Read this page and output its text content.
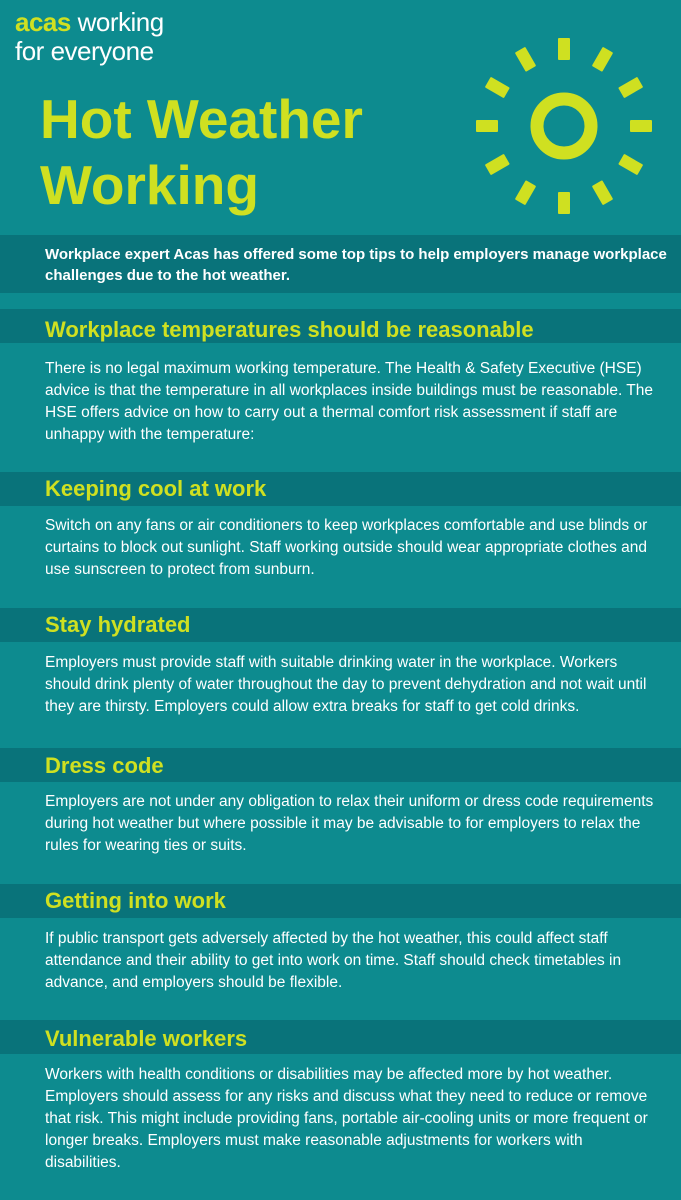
acas working
for everyone
Hot Weather
Working

Workplace expert Acas has offered some top tips to help employers manage workplace challenges due to the hot weather.

Workplace temperatures should be reasonable

There is no legal maximum working temperature. The Health & Safety Executive (HSE) advice is that the temperature in all workplaces inside buildings must be reasonable. The HSE offers advice on how to carry out a thermal comfort risk assessment if staff are unhappy with the temperature:

Keeping cool at work

Switch on any fans or air conditioners to keep workplaces comfortable and use blinds or curtains to block out sunlight. Staff working outside should wear appropriate clothes and use sunscreen to protect from sunburn.

Stay hydrated

Employers must provide staff with suitable drinking water in the workplace. Workers should drink plenty of water throughout the day to prevent dehydration and not wait until they are thirsty. Employers could allow extra breaks for staff to get cold drinks.

Dress code

Employers are not under any obligation to relax their uniform or dress code requirements during hot weather but where possible it may be advisable to for employers to relax the rules for wearing ties or suits.

Getting into work

If public transport gets adversely affected by the hot weather, this could affect staff attendance and their ability to get into work on time. Staff should check timetables in advance, and employers should be flexible.

Vulnerable workers

Workers with health conditions or disabilities may be affected more by hot weather. Employers should assess for any risks and discuss what they need to reduce or remove that risk. This might include providing fans, portable air-cooling units or more frequent or longer breaks. Employers must make reasonable adjustments for workers with disabilities.
